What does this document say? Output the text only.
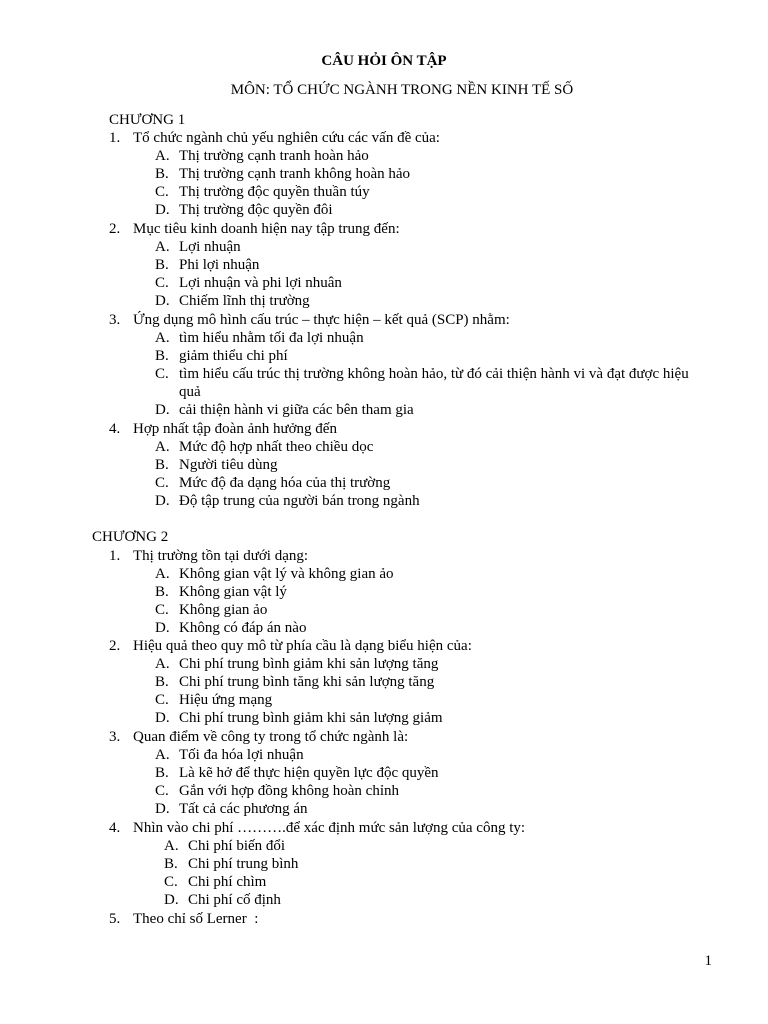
CÂU HỎI ÔN TẬP
MÔN: TỔ CHỨC NGÀNH TRONG NỀN KINH TẾ SỐ
CHƯƠNG 1
1. Tổ chức ngành chủ yếu nghiên cứu các vấn đề của:
A. Thị trường cạnh tranh hoàn hảo
B. Thị trường cạnh tranh không hoàn hảo
C. Thị trường độc quyền thuần túy
D. Thị trường độc quyền đôi
2. Mục tiêu kinh doanh hiện nay tập trung đến:
A. Lợi nhuận
B. Phi lợi nhuận
C. Lợi nhuận và phi lợi nhuân
D. Chiếm lĩnh thị trường
3. Ứng dụng mô hình cấu trúc – thực hiện – kết quả (SCP) nhằm:
A. tìm hiểu nhằm tối đa lợi nhuận
B. giảm thiểu chi phí
C. tìm hiểu cấu trúc thị trường không hoàn hảo, từ đó cải thiện hành vi và đạt được hiệu quả
D. cải thiện hành vi giữa các bên tham gia
4. Hợp nhất tập đoàn ảnh hưởng đến
A. Mức độ hợp nhất theo chiều dọc
B. Người tiêu dùng
C. Mức độ đa dạng hóa của thị trường
D. Độ tập trung của người bán trong ngành
CHƯƠNG 2
1. Thị trường tồn tại dưới dạng:
A. Không gian vật lý và không gian ảo
B. Không gian vật lý
C. Không gian ảo
D. Không có đáp án nào
2. Hiệu quả theo quy mô từ phía cầu là dạng biểu hiện của:
A. Chi phí trung bình giảm khi sản lượng tăng
B. Chi phí trung bình tăng khi sản lượng tăng
C. Hiệu ứng mạng
D. Chi phí trung bình giảm khi sản lượng giảm
3. Quan điểm về công ty trong tổ chức ngành là:
A. Tối đa hóa lợi nhuận
B. Là kẽ hở để thực hiện quyền lực độc quyền
C. Gắn với hợp đồng không hoàn chỉnh
D. Tất cả các phương án
4. Nhìn vào chi phí ……….để xác định mức sản lượng của công ty:
A. Chi phí biến đổi
B. Chi phí trung bình
C. Chi phí chìm
D. Chi phí cố định
5. Theo chỉ số Lerner  :
1
